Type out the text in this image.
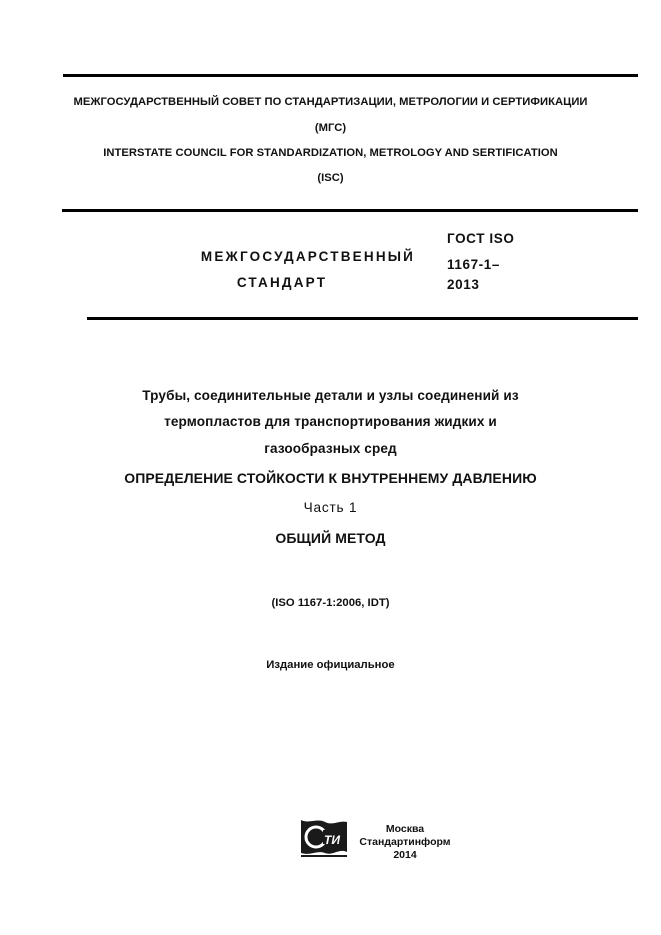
МЕЖГОСУДАРСТВЕННЫЙ СОВЕТ ПО СТАНДАРТИЗАЦИИ, МЕТРОЛОГИИ И СЕРТИФИКАЦИИ
(МГС)
INTERSTATE COUNCIL FOR STANDARDIZATION, METROLOGY AND SERTIFICATION
(ISC)
МЕЖГОСУДАРСТВЕННЫЙ
СТАНДАРТ
ГОСТ ISO
1167-1–
2013
Трубы, соединительные детали и узлы соединений из
термопластов для транспортирования жидких и
газообразных сред
ОПРЕДЕЛЕНИЕ СТОЙКОСТИ К ВНУТРЕННЕМУ ДАВЛЕНИЮ
Часть 1
ОБЩИЙ МЕТОД
(ISO 1167-1:2006, IDT)
Издание официальное
ТИ
Москва
Стандартинформ
2014
